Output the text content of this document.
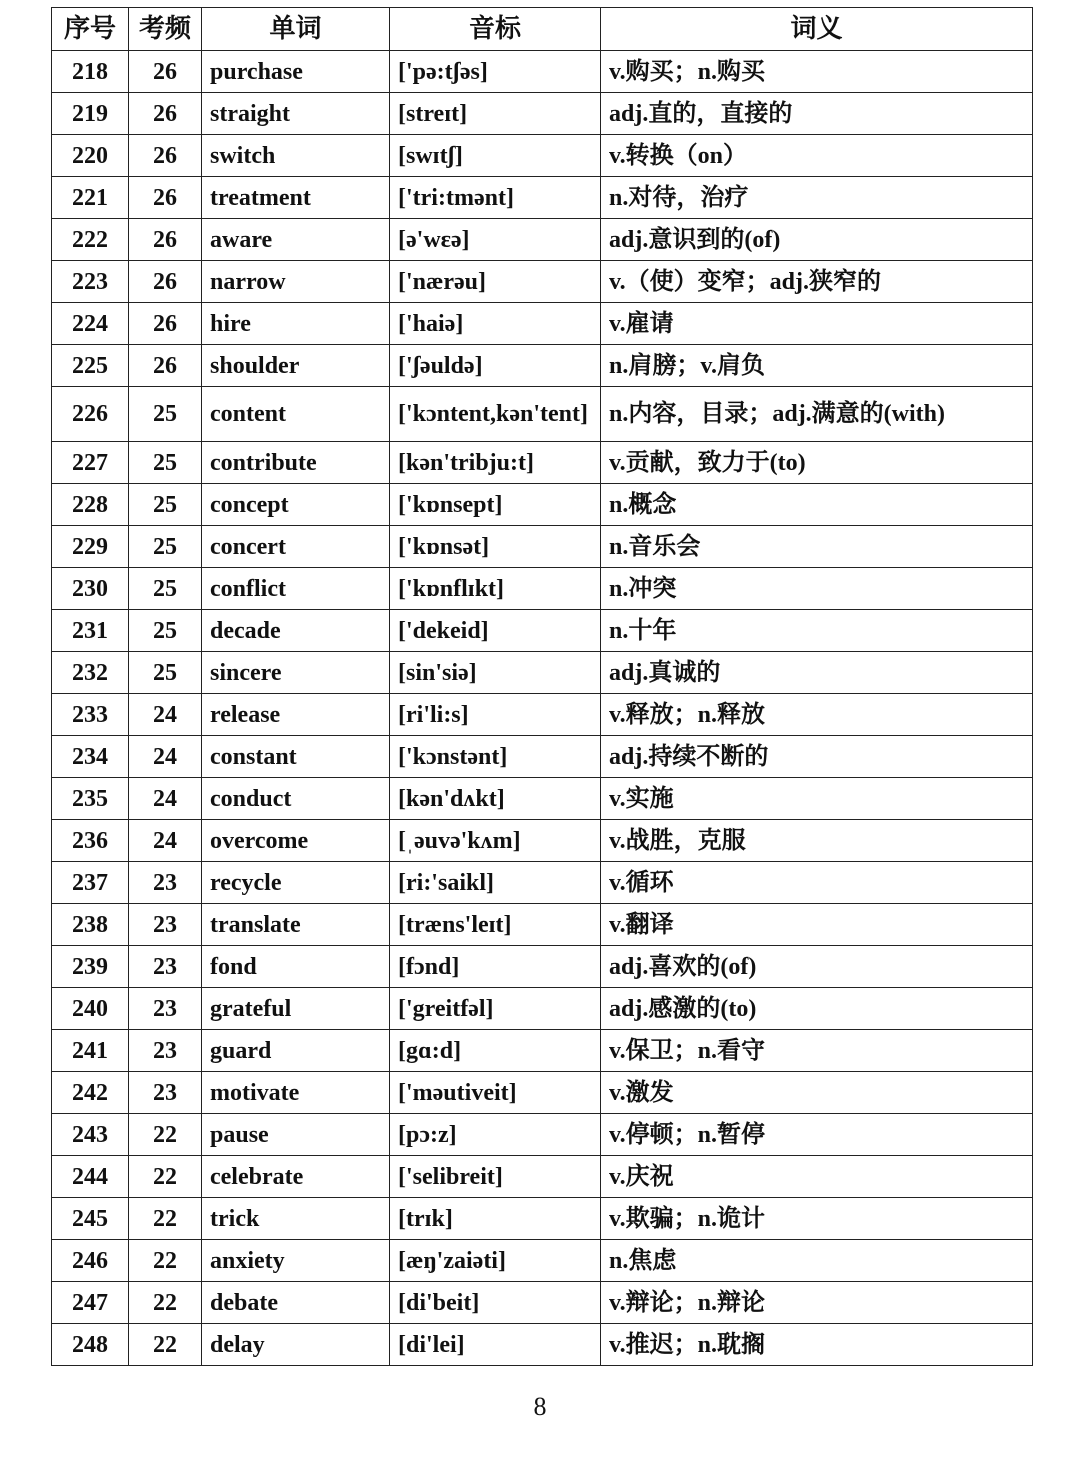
序号	考频	单词	音标	词义
218	26	purchase	['pə:tʃəs]	v.购买；n.购买
219	26	straight	[streɪt]	adj.直的，直接的
220	26	switch	[swɪtʃ]	v.转换（on）
221	26	treatment	['tri:tmənt]	n.对待，治疗
222	26	aware	[ə'wɛə]	adj.意识到的(of)
223	26	narrow	['nærəu]	v.（使）变窄；adj.狭窄的
224	26	hire	['haiə]	v.雇请
225	26	shoulder	['ʃəuldə]	n.肩膀；v.肩负
226	25	content	['kɔntent,kən'tent]	n.内容，目录；adj.满意的(with)
227	25	contribute	[kən'tribju:t]	v.贡献，致力于(to)
228	25	concept	['kɒnsept]	n.概念
229	25	concert	['kɒnsət]	n.音乐会
230	25	conflict	['kɒnflɪkt]	n.冲突
231	25	decade	['dekeid]	n.十年
232	25	sincere	[sin'siə]	adj.真诚的
233	24	release	[ri'li:s]	v.释放；n.释放
234	24	constant	['kɔnstənt]	adj.持续不断的
235	24	conduct	[kən'dʌkt]	v.实施
236	24	overcome	[ˌəuvə'kʌm]	v.战胜，克服
237	23	recycle	[ri:'saikl]	v.循环
238	23	translate	[træns'leɪt]	v.翻译
239	23	fond	[fɔnd]	adj.喜欢的(of)
240	23	grateful	['greitfəl]	adj.感激的(to)
241	23	guard	[gɑ:d]	v.保卫；n.看守
242	23	motivate	['məutiveit]	v.激发
243	22	pause	[pɔ:z]	v.停顿；n.暂停
244	22	celebrate	['selibreit]	v.庆祝
245	22	trick	[trɪk]	v.欺骗；n.诡计
246	22	anxiety	[æŋ'zaiəti]	n.焦虑
247	22	debate	[di'beit]	v.辩论；n.辩论
248	22	delay	[di'lei]	v.推迟；n.耽搁
8
